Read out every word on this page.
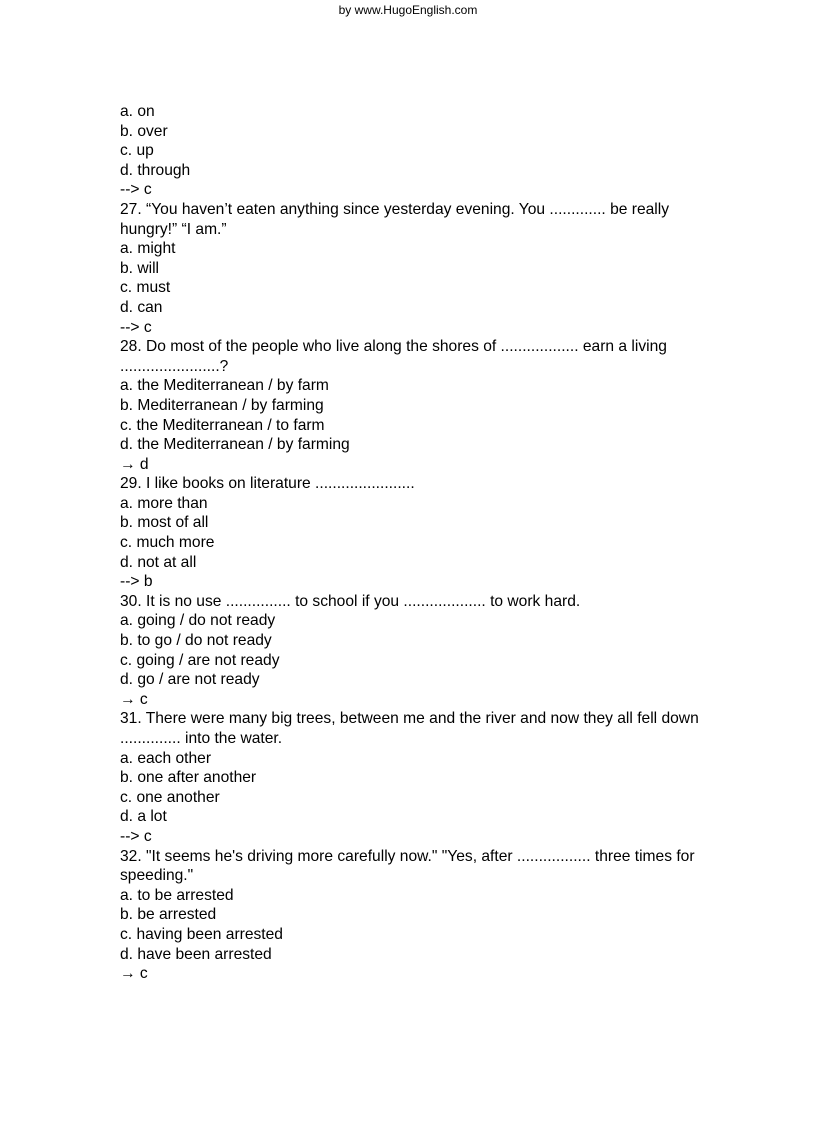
by www.HugoEnglish.com
a. on
b. over
c. up
d. through
--> c
27. “You haven’t eaten anything since yesterday evening. You ............. be really hungry!” “I am.”
a. might
b. will
c. must
d. can
--> c
28. Do most of the people who live along the shores of .................. earn a living .......................?
a. the Mediterranean / by farm
b. Mediterranean / by farming
c. the Mediterranean / to farm
d. the Mediterranean / by farming
→ d
29. I like books on literature .......................
a. more than
b. most of all
c. much more
d. not at all
--> b
30. It is no use ............... to school if you ................... to work hard.
a. going / do not ready
b. to go / do not ready
c. going / are not ready
d. go / are not ready
→ c
31. There were many big trees, between me and the river and now they all fell down .............. into the water.
a. each other
b. one after another
c. one another
d. a lot
--> c
32. "It seems he's driving more carefully now." "Yes, after ................. three times for speeding."
a. to be arrested
b. be arrested
c. having been arrested
d. have been arrested
→ c
